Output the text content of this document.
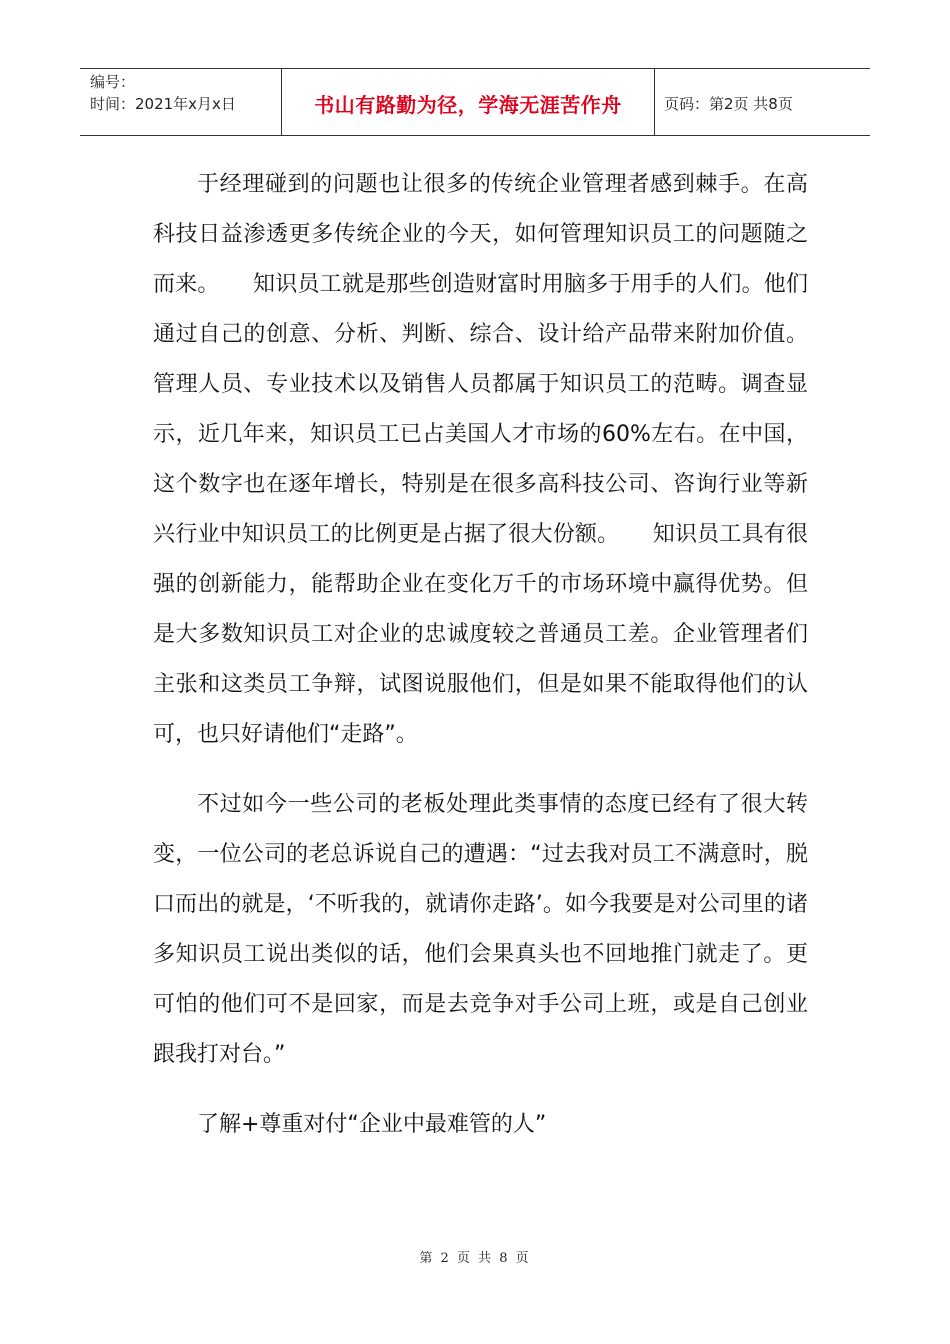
编号：
时间：2021年x月x日	书山有路勤为径，学海无涯苦作舟	页码：第2页 共8页

于经理碰到的问题也让很多的传统企业管理者感到棘手。在高科技日益渗透更多传统企业的今天，如何管理知识员工的问题随之而来。　　知识员工就是那些创造财富时用脑多于用手的人们。他们通过自己的创意、分析、判断、综合、设计给产品带来附加价值。管理人员、专业技术以及销售人员都属于知识员工的范畴。调查显示，近几年来，知识员工已占美国人才市场的60%左右。在中国，这个数字也在逐年增长，特别是在很多高科技公司、咨询行业等新兴行业中知识员工的比例更是占据了很大份额。　　知识员工具有很强的创新能力，能帮助企业在变化万千的市场环境中赢得优势。但是大多数知识员工对企业的忠诚度较之普通员工差。企业管理者们主张和这类员工争辩，试图说服他们，但是如果不能取得他们的认可，也只好请他们“走路”。

不过如今一些公司的老板处理此类事情的态度已经有了很大转变，一位公司的老总诉说自己的遭遇：“过去我对员工不满意时，脱口而出的就是，‘不听我的，就请你走路’。如今我要是对公司里的诸多知识员工说出类似的话，他们会果真头也不回地推门就走了。更可怕的他们可不是回家，而是去竞争对手公司上班，或是自己创业跟我打对台。”

了解+尊重对付“企业中最难管的人”

第 2 页 共 8 页
